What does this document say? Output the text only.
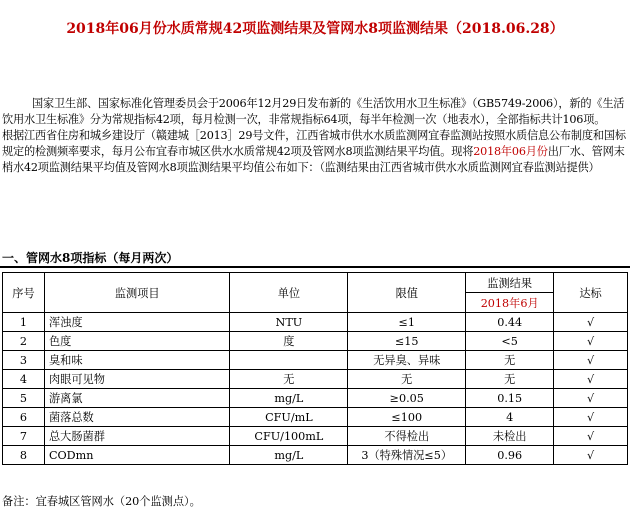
2018年06月份水质常规42项监测结果及管网水8项监测结果（2018.06.28）

国家卫生部、国家标准化管理委员会于2006年12月29日发布新的《生活饮用水卫生标准》（GB5749-2006），新的《生活饮用水卫生标准》分为常规指标42项，每月检测一次，非常规指标64项，每半年检测一次（地表水），全部指标共计106项。

根据江西省住房和城乡建设厅（赣建城［2013］29号文件，江西省城市供水水质监测网宜春监测站按照水质信息公布制度和国标规定的检测频率要求，每月公布宜春市城区供水水质常规42项及管网水8项监测结果平均值。现将2018年06月份出厂水、管网末梢水42项监测结果平均值及管网水8项监测结果平均值公布如下：（监测结果由江西省城市供水水质监测网宜春监测站提供）

一、管网水8项指标（每月两次）
序号	监测项目	单位	限值	监测结果	达标
				2018年6月	
1	浑浊度	NTU	≤1	0.44	√
2	色度	度	≤15	<5	√
3	臭和味		无异臭、异味	无	√
4	肉眼可见物	无	无	无	√
5	游离氯	mg/L	≥0.05	0.15	√
6	菌落总数	CFU/mL	≤100	4	√
7	总大肠菌群	CFU/100mL	不得检出	未检出	√
8	CODmn	mg/L	3（特殊情况≤5）	0.96	√
备注：宜春城区管网水（20个监测点）。
